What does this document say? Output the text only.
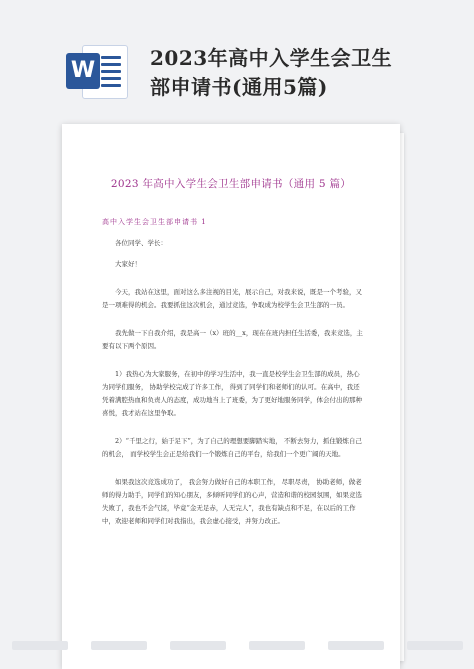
W	2023年高中入学生会卫生
部申请书(通用5篇)
2023 年高中入学生会卫生部申请书（通用 5 篇）
高中入学生会卫生部申请书 1

各位同学、学长：

大家好！

今天，我站在这里，面对这么多注视的目光，展示自己，对我来说，既是一个考验，又是一项难得的机会。我要抓住这次机会，通过竞选，争取成为校学生会卫生部的一员。

我先做一下自我介绍，我是高一（x）班的__x，现在在班内担任生活委，我来竞选，主要有以下两个原因。

1）我热心为大家服务，在初中的学习生活中，我一直是校学生会卫生部的成员，热心为同学们服务， 协助学校完成了许多工作， 得到了同学们和老师们的认可。在高中，我还凭着满腔热血和负责人的态度，成功地当上了班委，为了更好地服务同学，体会付出的那种喜悦，我才站在这里争取。

2）“千里之行，始于足下”，为了自己的理想要脚踏实地， 不断去努力，抓住锻炼自己的机会， 而学校学生会正是给我们一个锻炼自己的平台，给我们一个更广阔的天地。

如果我这次竞选成功了， 我会努力做好自己的本职工作， 尽职尽责， 协助老师，做老师的得力助手，同学们的知心朋友，多倾听同学们的心声，营造和谐的校园氛围，如果竞选失败了，我也不会气馁，毕竟“金无足赤，人无完人”，我也有缺点和不足，在以后的工作中，欢迎老师和同学们对我指出，我会虚心接受，并努力改正。
